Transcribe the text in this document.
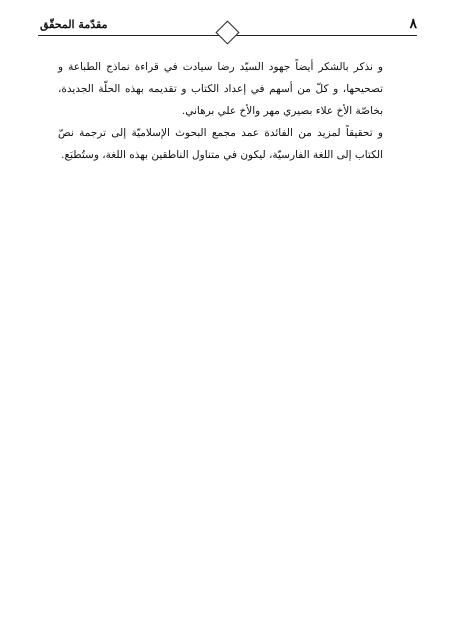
٨
مقدّمة المحقّق

و نذكر بالشكر أيضاً جهود السيّد رضا سيادت في قراءة نماذج الطباعة و تصحيحها، و كلّ من أسهم في إعداد الكتاب و تقديمه بهذه الحلّة الجديدة، بخاصّة الأخ علاء بصيري مهر والأخ علي برهاني.

و تحقيقاً لمزيد من الفائدة عمد مجمع البحوث الإسلاميّة إلى ترجمة نصّ الكتاب إلى اللغة الفارسيّة، ليكون في متناول الناطقين بهذه اللغة، وستُطبَع.
